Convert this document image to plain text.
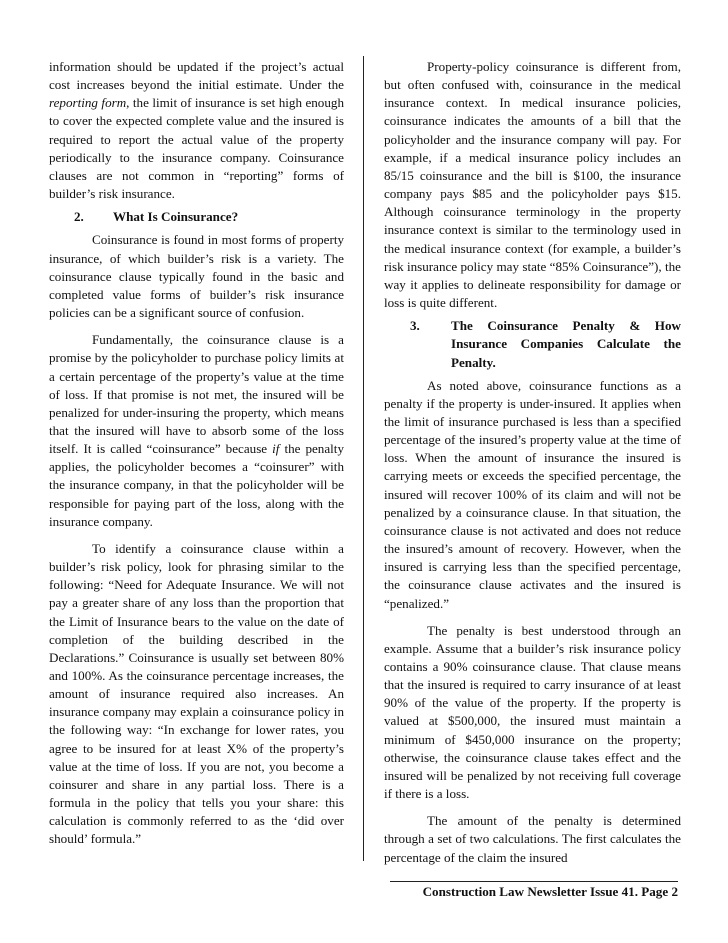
information should be updated if the project’s actual cost increases beyond the initial estimate. Under the reporting form, the limit of insurance is set high enough to cover the expected complete value and the insured is required to report the actual value of the property periodically to the insurance company. Coinsurance clauses are not common in “reporting” forms of builder’s risk insurance.

2.	What Is Coinsurance?

Coinsurance is found in most forms of property insurance, of which builder’s risk is a variety. The coinsurance clause typically found in the basic and completed value forms of builder’s risk insurance policies can be a significant source of confusion.

Fundamentally, the coinsurance clause is a promise by the policyholder to purchase policy limits at a certain percentage of the property’s value at the time of loss. If that promise is not met, the insured will be penalized for under-insuring the property, which means that the insured will have to absorb some of the loss itself. It is called “coinsurance” because if the penalty applies, the policyholder becomes a “coinsurer” with the insurance company, in that the policyholder will be responsible for paying part of the loss, along with the insurance company.

To identify a coinsurance clause within a builder’s risk policy, look for phrasing similar to the following: “Need for Adequate Insurance. We will not pay a greater share of any loss than the proportion that the Limit of Insurance bears to the value on the date of completion of the building described in the Declarations.” Coinsurance is usually set between 80% and 100%. As the coinsurance percentage increases, the amount of insurance required also increases. An insurance company may explain a coinsurance policy in the following way: “In exchange for lower rates, you agree to be insured for at least X% of the property’s value at the time of loss. If you are not, you become a coinsurer and share in any partial loss. There is a formula in the policy that tells you your share: this calculation is commonly referred to as the ‘did over should’ formula.”

Property-policy coinsurance is different from, but often confused with, coinsurance in the medical insurance context. In medical insurance policies, coinsurance indicates the amounts of a bill that the policyholder and the insurance company will pay. For example, if a medical insurance policy includes an 85/15 coinsurance and the bill is $100, the insurance company pays $85 and the policyholder pays $15. Although coinsurance terminology in the property insurance context is similar to the terminology used in the medical insurance context (for example, a builder’s risk insurance policy may state “85% Coinsurance”), the way it applies to delineate responsibility for damage or loss is quite different.

3.	The Coinsurance Penalty & How Insurance Companies Calculate the Penalty.

As noted above, coinsurance functions as a penalty if the property is under-insured. It applies when the limit of insurance purchased is less than a specified percentage of the insured’s property value at the time of loss. When the amount of insurance the insured is carrying meets or exceeds the specified percentage, the insured will recover 100% of its claim and will not be penalized by a coinsurance clause. In that situation, the coinsurance clause is not activated and does not reduce the insured’s amount of recovery. However, when the insured is carrying less than the specified percentage, the coinsurance clause activates and the insured is “penalized.”

The penalty is best understood through an example. Assume that a builder’s risk insurance policy contains a 90% coinsurance clause. That clause means that the insured is required to carry insurance of at least 90% of the value of the property. If the property is valued at $500,000, the insured must maintain a minimum of $450,000 insurance on the property; otherwise, the coinsurance clause takes effect and the insured will be penalized by not receiving full coverage if there is a loss.

The amount of the penalty is determined through a set of two calculations. The first calculates the percentage of the claim the insured

Construction Law Newsletter Issue 41. Page 2
